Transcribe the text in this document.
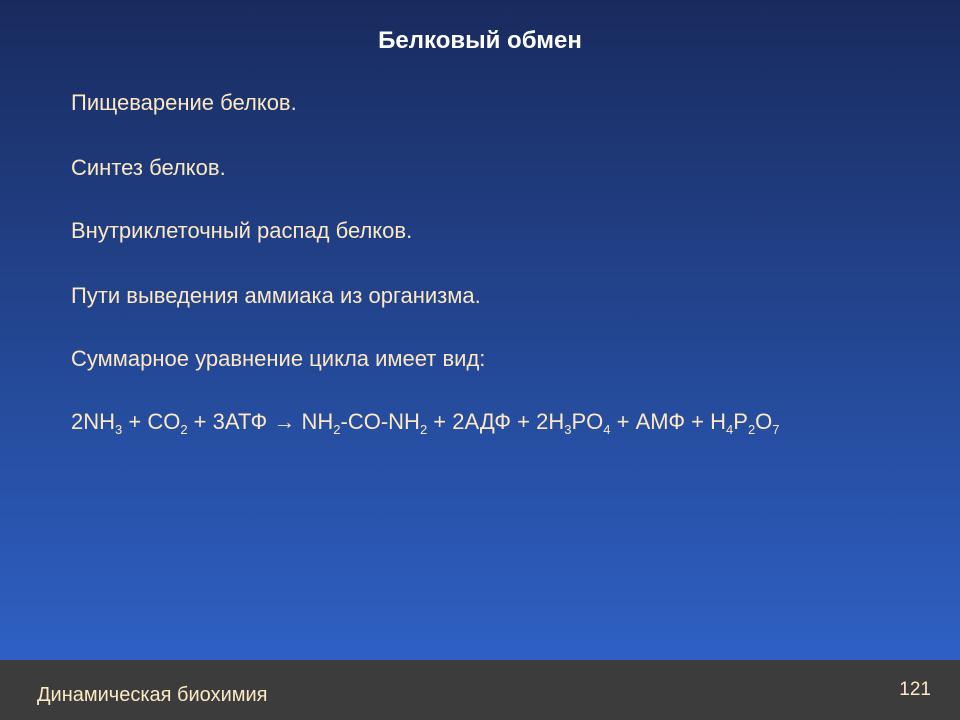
Белковый обмен
Пищеварение белков.
Синтез белков.
Внутриклеточный распад белков.
Пути выведения аммиака из организма.
Суммарное уравнение цикла имеет вид:
$2NH_3 + CO_2 + 3АТФ \to NH_2-CO-NH_2 + 2АДФ + 2H_3PO_4$ + АМФ + $H_4P_2O_7$
Динамическая биохимия	121
